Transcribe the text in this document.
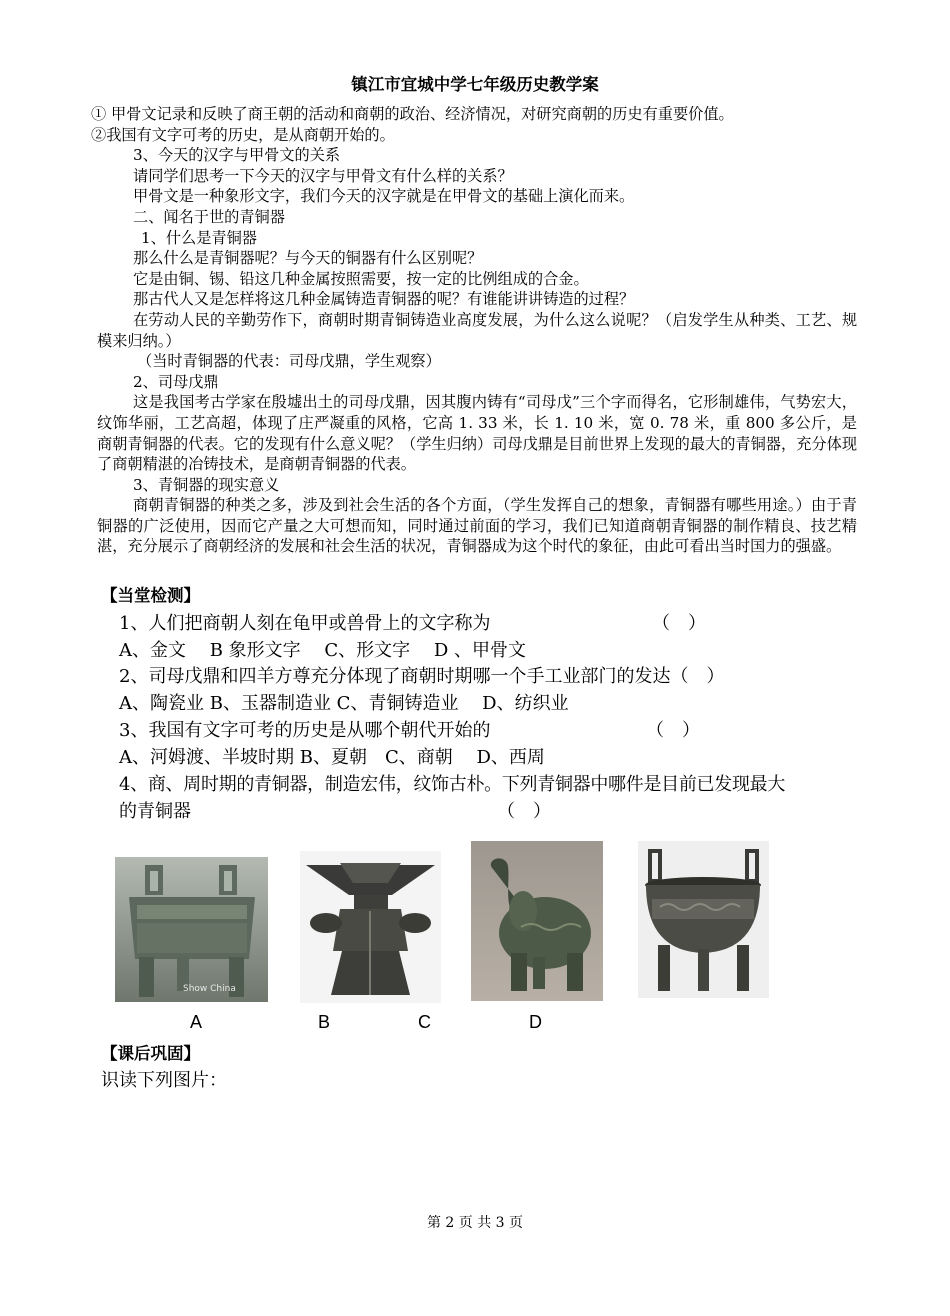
镇江市宜城中学七年级历史教学案

① 甲骨文记录和反映了商王朝的活动和商朝的政治、经济情况，对研究商朝的历史有重要价值。

②我国有文字可考的历史，是从商朝开始的。

3、今天的汉字与甲骨文的关系

请同学们思考一下今天的汉字与甲骨文有什么样的关系？

甲骨文是一种象形文字，我们今天的汉字就是在甲骨文的基础上演化而来。

二、闻名于世的青铜器

1、什么是青铜器

那么什么是青铜器呢？与今天的铜器有什么区别呢？

它是由铜、锡、铅这几种金属按照需要，按一定的比例组成的合金。

那古代人又是怎样将这几种金属铸造青铜器的呢？有谁能讲讲铸造的过程？

在劳动人民的辛勤劳作下，商朝时期青铜铸造业高度发展，为什么这么说呢？（启发学生从种类、工艺、规模来归纳。）

（当时青铜器的代表：司母戊鼎，学生观察）

2、司母戊鼎

这是我国考古学家在殷墟出土的司母戊鼎，因其腹内铸有“司母戊”三个字而得名，它形制雄伟，气势宏大，纹饰华丽，工艺高超，体现了庄严凝重的风格，它高 1. 33 米，长 1. 10 米，宽 0. 78 米，重 800 多公斤，是商朝青铜器的代表。它的发现有什么意义呢？（学生归纳）司母戊鼎是目前世界上发现的最大的青铜器，充分体现了商朝精湛的冶铸技术，是商朝青铜器的代表。

3、青铜器的现实意义

商朝青铜器的种类之多，涉及到社会生活的各个方面，（学生发挥自己的想象，青铜器有哪些用途。）由于青铜器的广泛使用，因而它产量之大可想而知，同时通过前面的学习，我们已知道商朝青铜器的制作精良、技艺精湛，充分展示了商朝经济的发展和社会生活的状况，青铜器成为这个时代的象征，由此可看出当时国力的强盛。

【当堂检测】
1、人们把商朝人刻在龟甲或兽骨上的文字称为	（　）
A、金文　 B 象形文字　 C、形文字　 D 、甲骨文
2、司母戊鼎和四羊方尊充分体现了商朝时期哪一个手工业部门的发达（　）
A、陶瓷业 B、玉器制造业 C、青铜铸造业　 D、纺织业
3、我国有文字可考的历史是从哪个朝代开始的	（　）
A、河姆渡、半坡时期 B、夏朝　C、商朝　 D、西周
4、商、周时期的青铜器，制造宏伟，纹饰古朴。下列青铜器中哪件是目前已发现最大
的青铜器	（　）
Show China
A	B	C	D
【课后巩固】
识读下列图片：
第 2 页 共 3 页
